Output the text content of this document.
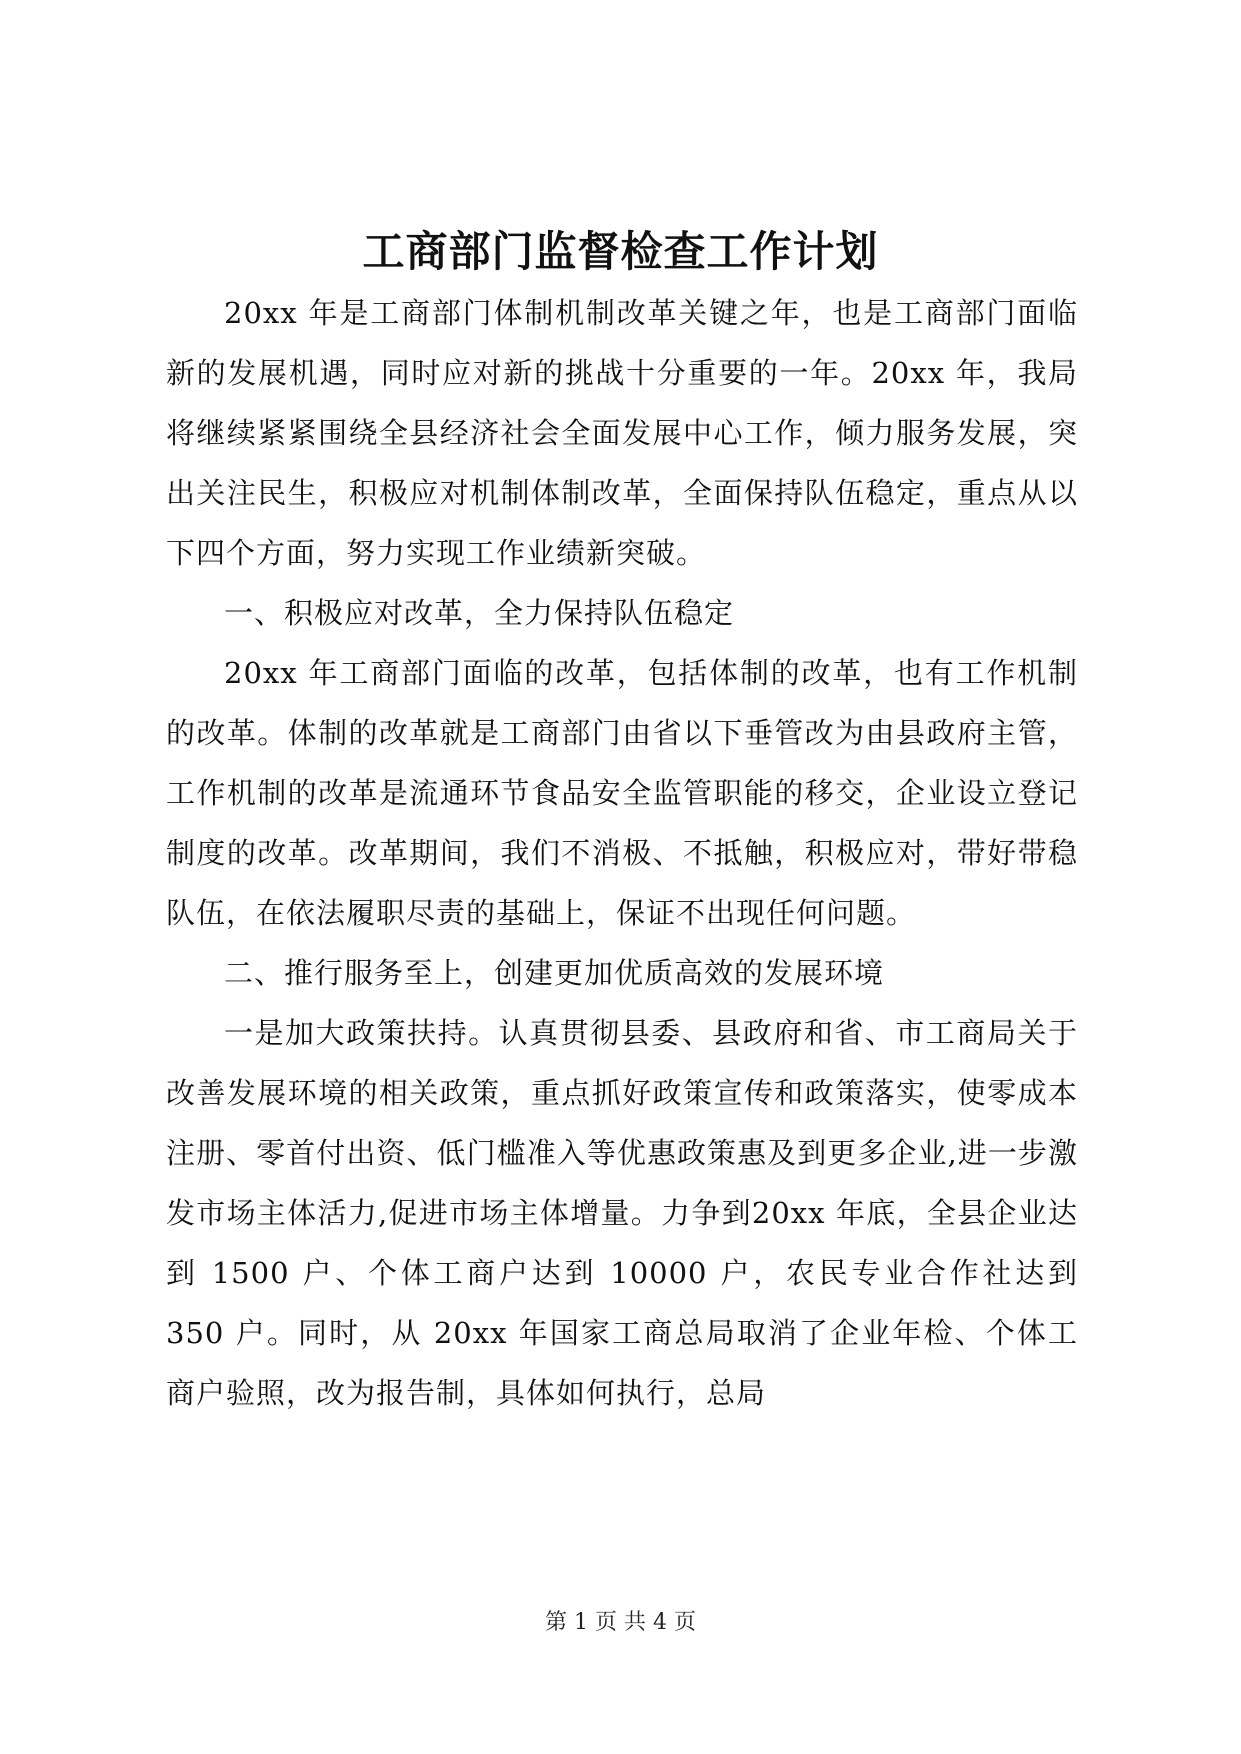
工商部门监督检查工作计划

20xx 年是工商部门体制机制改革关键之年，也是工商部门面临新的发展机遇，同时应对新的挑战十分重要的一年。20xx 年，我局将继续紧紧围绕全县经济社会全面发展中心工作，倾力服务发展，突出关注民生，积极应对机制体制改革，全面保持队伍稳定，重点从以下四个方面，努力实现工作业绩新突破。

一、积极应对改革，全力保持队伍稳定

20xx 年工商部门面临的改革，包括体制的改革，也有工作机制的改革。体制的改革就是工商部门由省以下垂管改为由县政府主管，工作机制的改革是流通环节食品安全监管职能的移交，企业设立登记制度的改革。改革期间，我们不消极、不抵触，积极应对，带好带稳队伍，在依法履职尽责的基础上，保证不出现任何问题。

二、推行服务至上，创建更加优质高效的发展环境

一是加大政策扶持。认真贯彻县委、县政府和省、市工商局关于改善发展环境的相关政策，重点抓好政策宣传和政策落实，使零成本注册、零首付出资、低门槛准入等优惠政策惠及到更多企业,进一步激发市场主体活力,促进市场主体增量。力争到20xx 年底，全县企业达到 1500 户、个体工商户达到 10000 户，农民专业合作社达到 350 户。同时，从 20xx 年国家工商总局取消了企业年检、个体工商户验照，改为报告制，具体如何执行，总局

第 1 页 共 4 页
